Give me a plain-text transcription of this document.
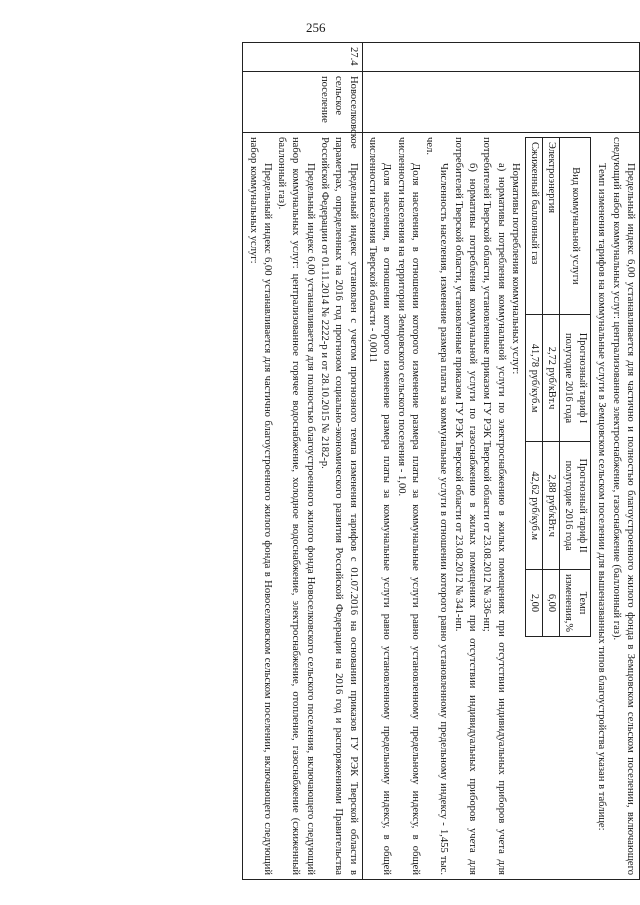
256

Предельный индекс 6,00 устанавливается для частично и полностью благоустроенного жилого фонда в Земцовском сельском поселении, включающего следующий набор коммунальных услуг: централизованное электроснабжение, газоснабжение (баллонный газ).

Темп изменения тарифов на коммунальные услуги в Земцовском сельском поселении для вышеназванных типов благоустройства указан в таблице:

Вид коммунальной услуги	Прогнозный тариф I полугодие 2016 года	Прогнозный тариф II полугодие 2016 года	Темп изменения,%
Электроэнергия	2,72 руб/кВт.ч	2,88 руб/кВт.ч	6,00
Сжиженный баллонный газ	41,78 руб/куб.м	42,62 руб/куб.м	2,00

Нормативы потребления коммунальных услуг:

а) нормативы потребления коммунальной услуги по электроснабжению в жилых помещениях при отсутствии индивидуальных приборов учета для потребителей Тверской области, установленные приказом ГУ РЭК Тверской области от 23.08.2012 № 336-нп;

б) нормативы потребления коммунальной услуги по газоснабжению в жилых помещениях при отсутствии индивидуальных приборов учета для потребителей Тверской области, установленные приказом ГУ РЭК Тверской области от 23.08.2012 № 341-нп.

Численность населения, изменение размера платы за коммунальные услуги в отношении которого равно установленному предельному индексу - 1,455 тыс. чел.

Доля населения, в отношении которого изменение размера платы за коммунальные услуги равно установленному предельному индексу, в общей численности населения на территории Земцовского сельского поселения - 1,00.

Доля населения, в отношении которого изменение размера платы за коммунальные услуги равно установленному предельному индексу, в общей численности населения Тверской области - 0,0011

27.4	Новоселковское сельское поселение	

Предельный индекс установлен с учетом прогнозного темпа изменения тарифов с 01.07.2016 на основании приказов ГУ РЭК Тверской области в параметрах, определенных на 2016 год прогнозом социально-экономического развития Российской Федерации на 2016 год и распоряжениями Правительства Российской Федерации от 01.11.2014 № 2222-р и от 28.10.2015 № 2182-р.

Предельный индекс 6,00 устанавливается для полностью благоустроенного жилого фонда Новоселковского сельского поселения, включающего следующий набор коммунальных услуг: централизованное горячее водоснабжение, холодное водоснабжение, электроснабжение, отопление, газоснабжение (сжиженный баллонный газ).

Предельный индекс 6,00 устанавливается для частично благоустроенного жилого фонда в Новоселковском сельском поселении, включающего следующий набор коммунальных услуг:
